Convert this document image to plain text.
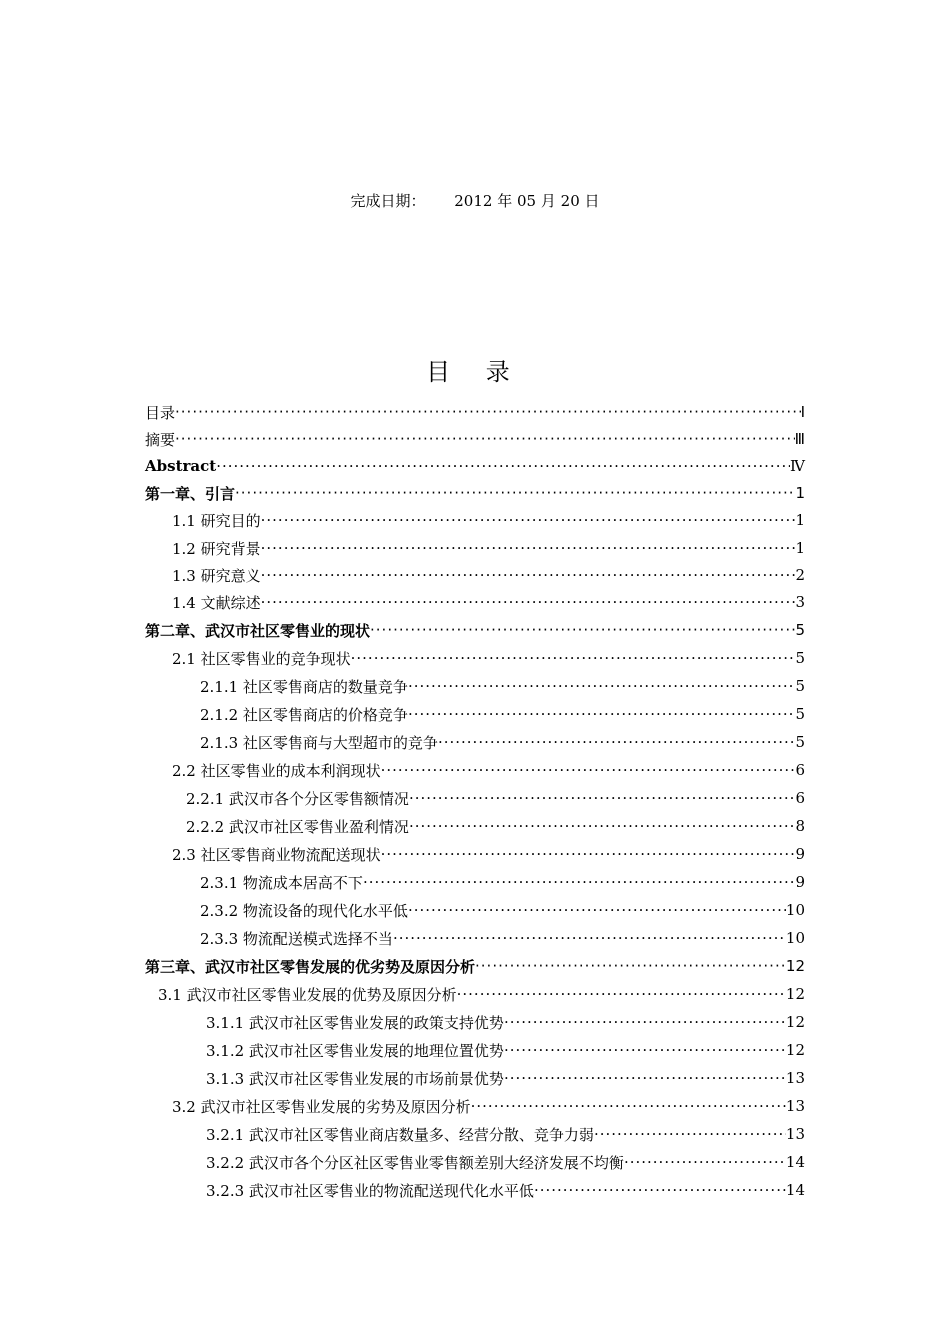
完成日期： 2012 年 05 月 20 日
目 录
目录 ·····	I
摘要 ·····	Ⅲ
Abstract ·····	Ⅳ
第一章、引言 ·····	1
1.1 研究目的 ·····	1
1.2 研究背景 ·····	1
1.3 研究意义 ·····	2
1.4 文献综述 ·····	3
第二章、武汉市社区零售业的现状 ·····	5
2.1 社区零售业的竞争现状 ·····	5
2.1.1 社区零售商店的数量竞争 ·····	5
2.1.2 社区零售商店的价格竞争 ·····	5
2.1.3 社区零售商与大型超市的竞争 ·····	5
2.2 社区零售业的成本利润现状 ·····	6
2.2.1 武汉市各个分区零售额情况 ·····	6
2.2.2 武汉市社区零售业盈利情况 ·····	8
2.3 社区零售商业物流配送现状 ·····	9
2.3.1 物流成本居高不下 ·····	9
2.3.2 物流设备的现代化水平低 ·····	10
2.3.3 物流配送模式选择不当 ·····	10
第三章、武汉市社区零售发展的优劣势及原因分析 ·····	12
3.1 武汉市社区零售业发展的优势及原因分析 ·····	12
3.1.1 武汉市社区零售业发展的政策支持优势 ·····	12
3.1.2 武汉市社区零售业发展的地理位置优势 ·····	12
3.1.3 武汉市社区零售业发展的市场前景优势 ·····	13
3.2 武汉市社区零售业发展的劣势及原因分析 ·····	13
3.2.1 武汉市社区零售业商店数量多、经营分散、竞争力弱 ·····	13
3.2.2 武汉市各个分区社区零售业零售额差别大经济发展不均衡 ·····	14
3.2.3 武汉市社区零售业的物流配送现代化水平低 ·····	14
